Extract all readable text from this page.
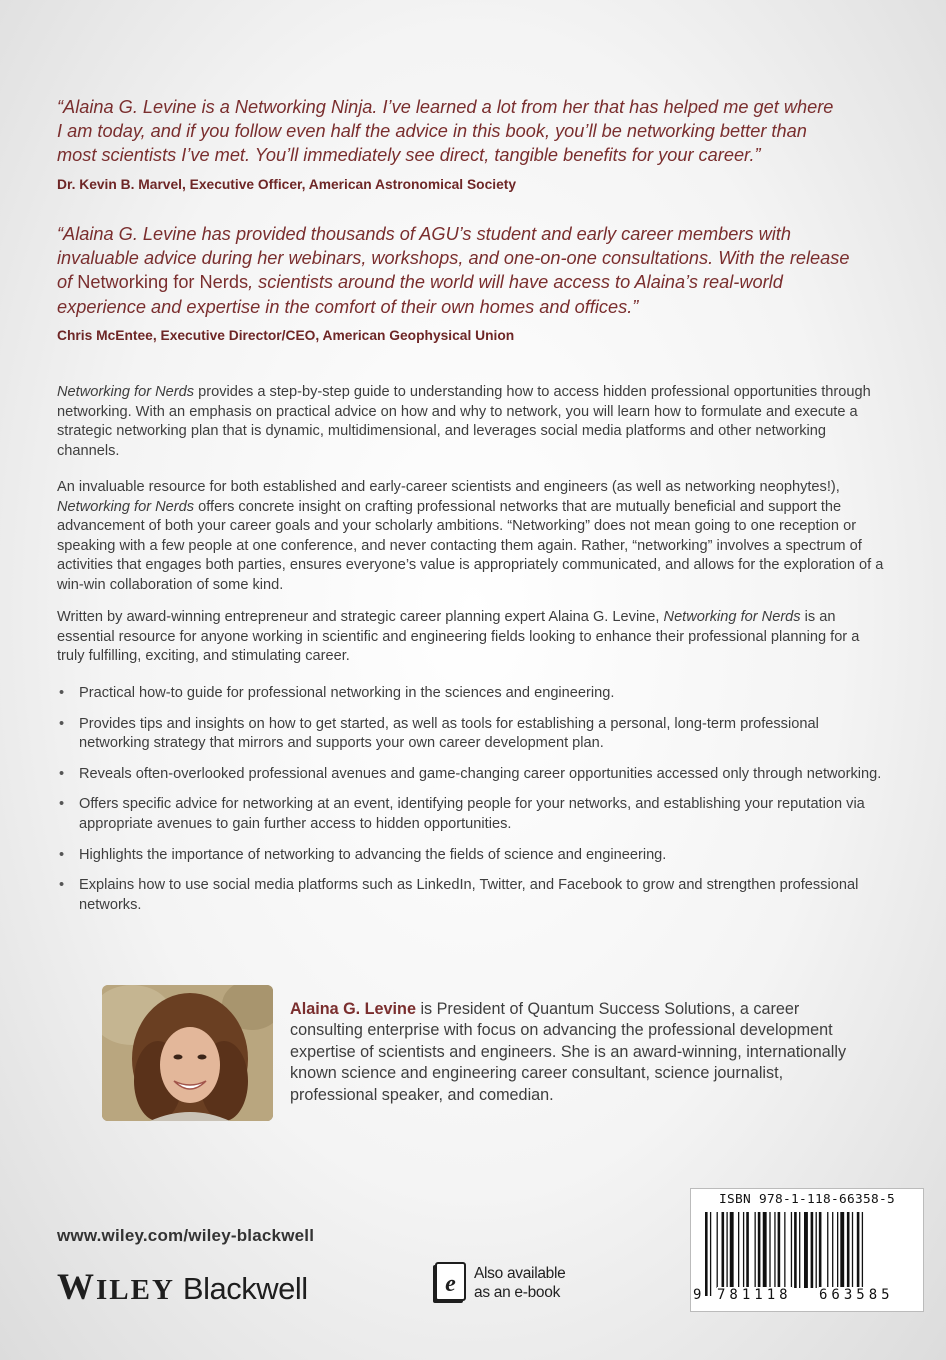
“Alaina G. Levine is a Networking Ninja. I’ve learned a lot from her that has helped me get where
I am today, and if you follow even half the advice in this book, you’ll be networking better than
most scientists I’ve met. You’ll immediately see direct, tangible benefits for your career.”

Dr. Kevin B. Marvel, Executive Officer, American Astronomical Society

“Alaina G. Levine has provided thousands of AGU’s student and early career members with
invaluable advice during her webinars, workshops, and one-on-one consultations. With the release
of Networking for Nerds, scientists around the world will have access to Alaina’s real-world
experience and expertise in the comfort of their own homes and offices.”

Chris McEntee, Executive Director/CEO, American Geophysical Union

Networking for Nerds provides a step-by-step guide to understanding how to access hidden professional opportunities through networking. With an emphasis on practical advice on how and why to network, you will learn how to formulate and execute a strategic networking plan that is dynamic, multidimensional, and leverages social media platforms and other networking channels.

An invaluable resource for both established and early-career scientists and engineers (as well as networking neophytes!), Networking for Nerds offers concrete insight on crafting professional networks that are mutually beneficial and support the advancement of both your career goals and your scholarly ambitions. “Networking” does not mean going to one reception or speaking with a few people at one conference, and never contacting them again. Rather, “networking” involves a spectrum of activities that engages both parties, ensures everyone’s value is appropriately communicated, and allows for the exploration of a win-win collaboration of some kind.

Written by award-winning entrepreneur and strategic career planning expert Alaina G. Levine, Networking for Nerds is an essential resource for anyone working in scientific and engineering fields looking to enhance their professional planning for a truly fulfilling, exciting, and stimulating career.

• Practical how-to guide for professional networking in the sciences and engineering.
• Provides tips and insights on how to get started, as well as tools for establishing a personal, long-term professional networking strategy that mirrors and supports your own career development plan.
• Reveals often-overlooked professional avenues and game-changing career opportunities accessed only through networking.
• Offers specific advice for networking at an event, identifying people for your networks, and establishing your reputation via appropriate avenues to gain further access to hidden opportunities.
• Highlights the importance of networking to advancing the fields of science and engineering.
• Explains how to use social media platforms such as LinkedIn, Twitter, and Facebook to grow and strengthen professional networks.

Alaina G. Levine is President of Quantum Success Solutions, a career consulting enterprise with focus on advancing the professional development expertise of scientists and engineers. She is an award-winning, internationally known science and engineering career consultant, science journalist, professional speaker, and comedian.

www.wiley.com/wiley-blackwell
WILEY Blackwell	e Also available
as an e-book
ISBN 978-1-118-66358-5
9 781118 663585
